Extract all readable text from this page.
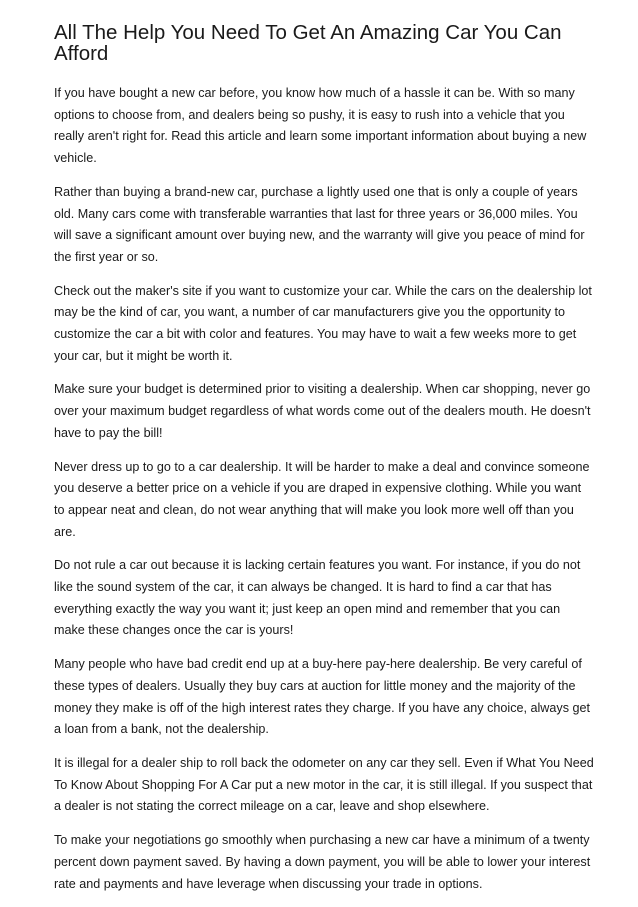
All The Help You Need To Get An Amazing Car You Can Afford

If you have bought a new car before, you know how much of a hassle it can be. With so many options to choose from, and dealers being so pushy, it is easy to rush into a vehicle that you really aren't right for. Read this article and learn some important information about buying a new vehicle.

Rather than buying a brand-new car, purchase a lightly used one that is only a couple of years old. Many cars come with transferable warranties that last for three years or 36,000 miles. You will save a significant amount over buying new, and the warranty will give you peace of mind for the first year or so.

Check out the maker's site if you want to customize your car. While the cars on the dealership lot may be the kind of car, you want, a number of car manufacturers give you the opportunity to customize the car a bit with color and features. You may have to wait a few weeks more to get your car, but it might be worth it.

Make sure your budget is determined prior to visiting a dealership. When car shopping, never go over your maximum budget regardless of what words come out of the dealers mouth. He doesn't have to pay the bill!

Never dress up to go to a car dealership. It will be harder to make a deal and convince someone you deserve a better price on a vehicle if you are draped in expensive clothing. While you want to appear neat and clean, do not wear anything that will make you look more well off than you are.

Do not rule a car out because it is lacking certain features you want. For instance, if you do not like the sound system of the car, it can always be changed. It is hard to find a car that has everything exactly the way you want it; just keep an open mind and remember that you can make these changes once the car is yours!

Many people who have bad credit end up at a buy-here pay-here dealership. Be very careful of these types of dealers. Usually they buy cars at auction for little money and the majority of the money they make is off of the high interest rates they charge. If you have any choice, always get a loan from a bank, not the dealership.

It is illegal for a dealer ship to roll back the odometer on any car they sell. Even if What You Need To Know About Shopping For A Car put a new motor in the car, it is still illegal. If you suspect that a dealer is not stating the correct mileage on a car, leave and shop elsewhere.

To make your negotiations go smoothly when purchasing a new car have a minimum of a twenty percent down payment saved. By having a down payment, you will be able to lower your interest rate and payments and have leverage when discussing your trade in options.
